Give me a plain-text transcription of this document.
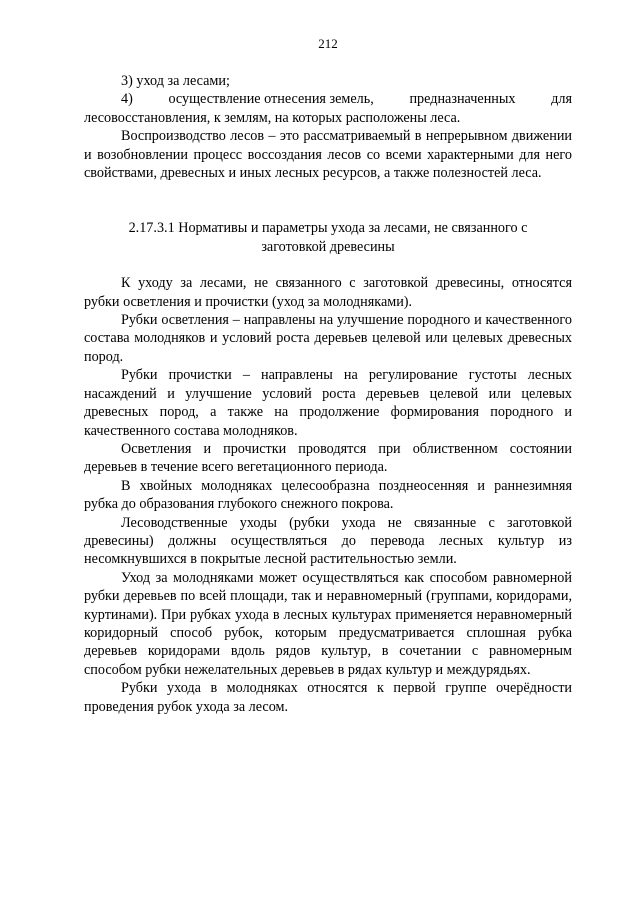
212

3) уход за лесами;

4)	осуществление отнесения земель,	предназначенных	для
лесовосстановления, к землям, на которых расположены леса.

Воспроизводство лесов – это рассматриваемый в непрерывном движении и возобновлении процесс воссоздания лесов со всеми характерными для него свойствами, древесных и иных лесных ресурсов, а также полезностей леса.

2.17.3.1 Нормативы и параметры ухода за лесами, не связанного с

заготовкой древесины

К уходу за лесами, не связанного с заготовкой древесины, относятся рубки осветления и прочистки (уход за молодняками).

Рубки осветления – направлены на улучшение породного и качественного состава молодняков и условий роста деревьев целевой или целевых древесных пород.

Рубки прочистки – направлены на регулирование густоты лесных насаждений и улучшение условий роста деревьев целевой или целевых древесных пород, а также на продолжение формирования породного и качественного состава молодняков.

Осветления и прочистки проводятся при облиственном состоянии деревьев в течение всего вегетационного периода.

В хвойных молодняках целесообразна позднеосенняя и раннезимняя рубка до образования глубокого снежного покрова.

Лесоводственные уходы (рубки ухода не связанные с заготовкой древесины) должны осуществляться до перевода лесных культур из несомкнувшихся в покрытые лесной растительностью земли.

Уход за молодняками может осуществляться как способом равномерной рубки деревьев по всей площади, так и неравномерный (группами, коридорами, куртинами). При рубках ухода в лесных культурах применяется неравномерный коридорный способ рубок, которым предусматривается сплошная рубка деревьев коридорами вдоль рядов культур, в сочетании с равномерным способом рубки нежелательных деревьев в рядах культур и междурядьях.

Рубки ухода в молодняках относятся к первой группе очерёдности проведения рубок ухода за лесом.
